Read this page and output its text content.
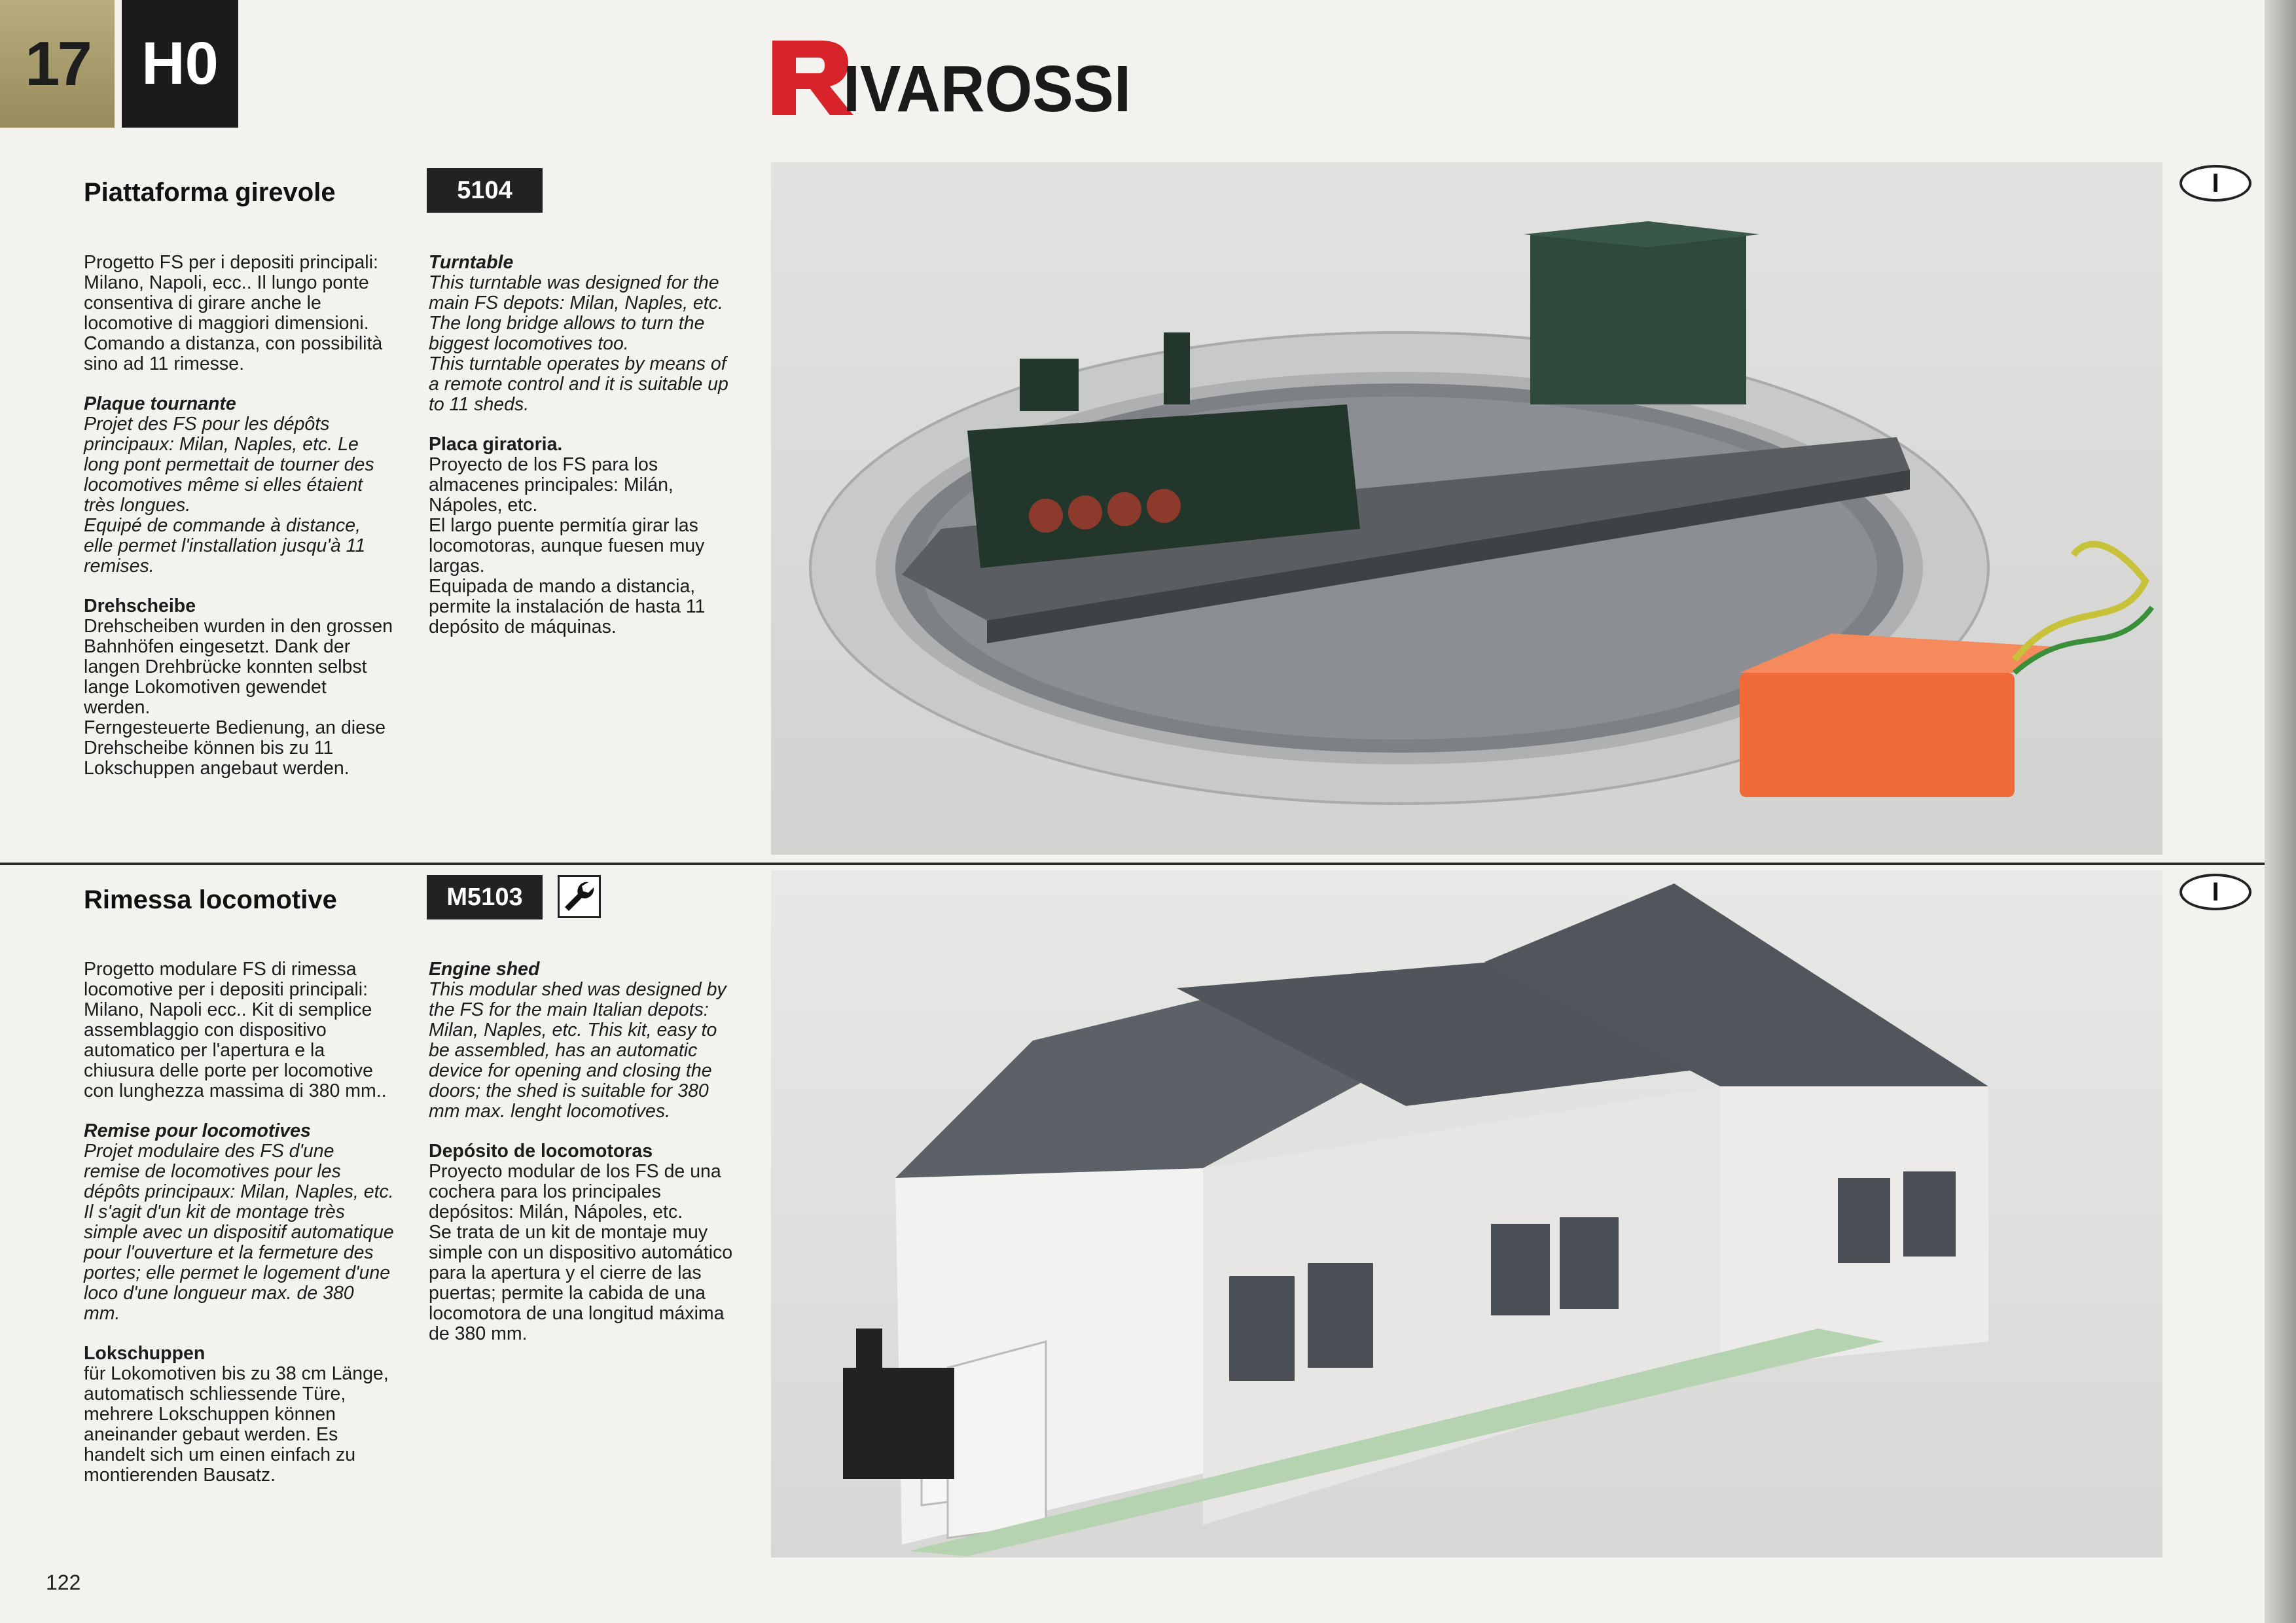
17 H0	IVAROSSI
Piattaforma girevole	5104

Progetto FS per i depositi principali: Milano, Napoli, ecc.. Il lungo ponte consentiva di girare anche le locomotive di maggiori dimensioni.
Comando a distanza, con possibilità sino ad 11 rimesse.

Plaque tournante
Projet des FS pour les dépôts principaux: Milan, Naples, etc. Le long pont permettait de tourner des locomotives même si elles étaient très longues.
Equipé de commande à distance, elle permet l'installation jusqu'à 11 remises.

Drehscheibe
Drehscheiben wurden in den grossen Bahnhöfen eingesetzt. Dank der langen Drehbrücke konnten selbst lange Lokomotiven gewendet werden.
Ferngesteuerte Bedienung, an diese Drehscheibe können bis zu 11 Lokschuppen angebaut werden.

Turntable
This turntable was designed for the main FS depots: Milan, Naples, etc. The long bridge allows to turn the biggest locomotives too.
This turntable operates by means of a remote control and it is suitable up to 11 sheds.

Placa giratoria.
Proyecto de los FS para los almacenes principales: Milán, Nápoles, etc.
El largo puente permitía girar las locomotoras, aunque fuesen muy largas.
Equipada de mando a distancia, permite la instalación de hasta 11 depósito de máquinas.

I
Rimessa locomotive	M5103

Progetto modulare FS di rimessa locomotive per i depositi principali: Milano, Napoli ecc.. Kit di semplice assemblaggio con dispositivo automatico per l'apertura e la chiusura delle porte per locomotive con lunghezza massima di 380 mm..

Remise pour locomotives
Projet modulaire des FS d'une remise de locomotives pour les dépôts principaux: Milan, Naples, etc. Il s'agit d'un kit de montage très simple avec un dispositif automatique pour l'ouverture et la fermeture des portes; elle permet le logement d'une loco d'une longueur max. de 380 mm.

Lokschuppen
für Lokomotiven bis zu 38 cm Länge, automatisch schliessende Türe, mehrere Lokschuppen können aneinander gebaut werden. Es handelt sich um einen einfach zu montierenden Bausatz.

Engine shed
This modular shed was designed by the FS for the main Italian depots: Milan, Naples, etc. This kit, easy to be assembled, has an automatic device for opening and closing the doors; the shed is suitable for 380 mm max. lenght locomotives.

Depósito de locomotoras
Proyecto modular de los FS de una cochera para los principales depósitos: Milán, Nápoles, etc.
Se trata de un kit de montaje muy simple con un dispositivo automático para la apertura y el cierre de las puertas; permite la cabida de una locomotora de una longitud máxima de 380 mm.

I
122
